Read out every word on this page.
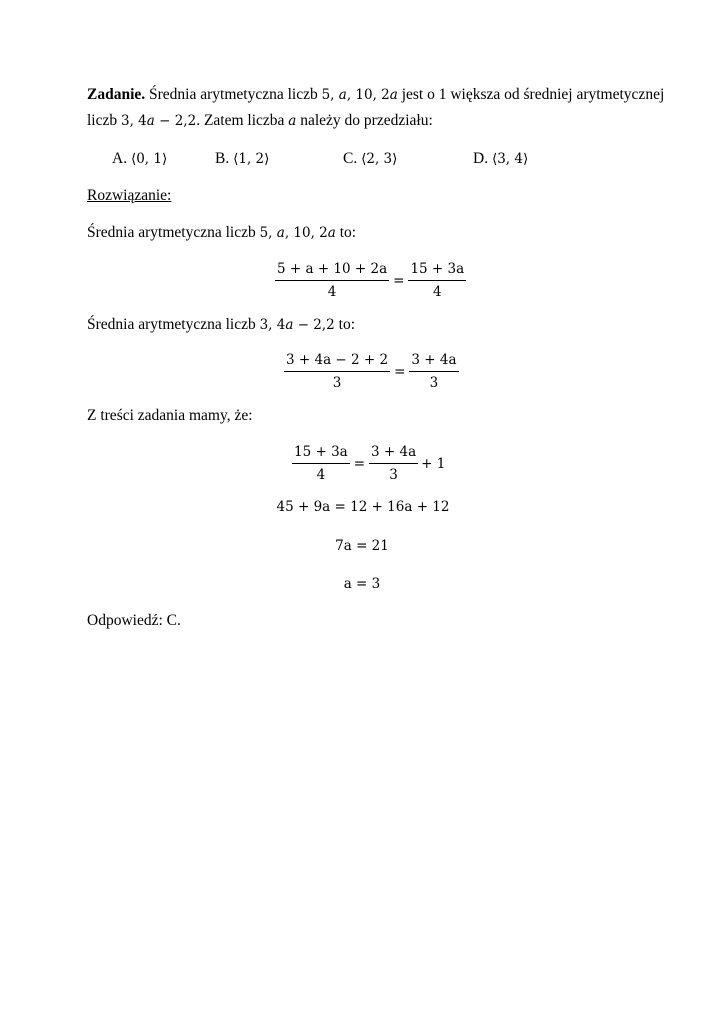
Zadanie. Średnia arytmetyczna liczb 5, a, 10, 2a jest o 1 większa od średniej arytmetycznej
liczb 3, 4a − 2,2. Zatem liczba a należy do przedziału:
A. ⟨0, 1⟩	B. ⟨1, 2⟩	C. ⟨2, 3⟩	D. ⟨3, 4⟩
Rozwiązanie:
Średnia arytmetyczna liczb 5, a, 10, 2a to:
$\frac{5 + a + 10 + 2a}{4} = \frac{15 + 3a}{4}$
Średnia arytmetyczna liczb 3, 4a − 2,2 to:
$\frac{3 + 4a - 2 + 2}{3} = \frac{3 + 4a}{3}$
Z treści zadania mamy, że:
$\frac{15 + 3a}{4} = \frac{3 + 4a}{3} + 1$
45 + 9a = 12 + 16a + 12
7a = 21
a = 3
Odpowiedź: C.
